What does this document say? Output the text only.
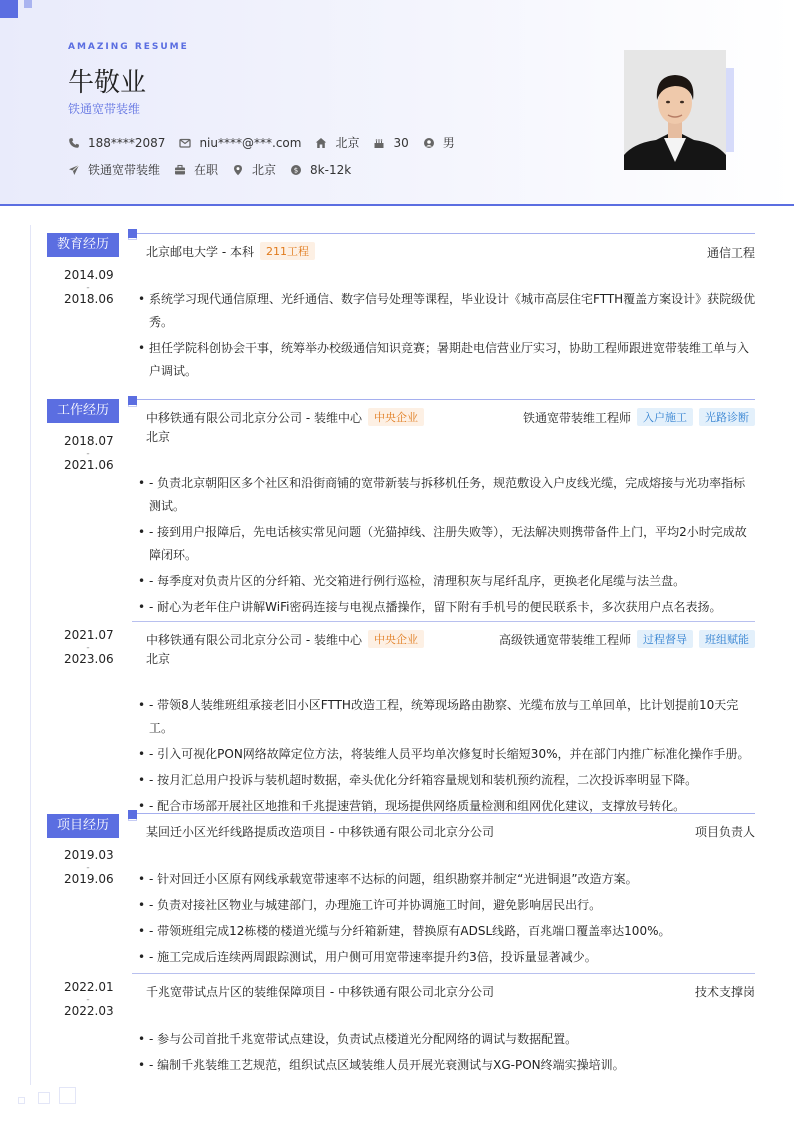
AMAZING RESUME
牛敬业
铁通宽带装维
188****2087	niu****@***.com	北京	30	男
铁通宽带装维	在职	北京	$ 8k-12k
教育经历
2014.09
-
2018.06
北京邮电大学 - 本科	211工程	通信工程
• 系统学习现代通信原理、光纤通信、数字信号处理等课程，毕业设计《城市高层住宅FTTH覆盖方案设计》获院级优秀。
• 担任学院科创协会干事，统筹举办校级通信知识竞赛；暑期赴电信营业厅实习，协助工程师跟进宽带装维工单与入户调试。
工作经历
2018.07
-
2021.06
中移铁通有限公司北京分公司 - 装维中心	中央企业	铁通宽带装维工程师	入户施工	光路诊断
北京
• - 负责北京朝阳区多个社区和沿街商铺的宽带新装与拆移机任务，规范敷设入户皮线光缆，完成熔接与光功率指标测试。
• - 接到用户报障后，先电话核实常见问题（光猫掉线、注册失败等），无法解决则携带备件上门，平均2小时完成故障闭环。
• - 每季度对负责片区的分纤箱、光交箱进行例行巡检，清理积灰与尾纤乱序，更换老化尾缆与法兰盘。
• - 耐心为老年住户讲解WiFi密码连接与电视点播操作，留下附有手机号的便民联系卡，多次获用户点名表扬。
2021.07
-
2023.06
中移铁通有限公司北京分公司 - 装维中心	中央企业	高级铁通宽带装维工程师	过程督导	班组赋能
北京
• - 带领8人装维班组承接老旧小区FTTH改造工程，统筹现场路由勘察、光缆布放与工单回单，比计划提前10天完工。
• - 引入可视化PON网络故障定位方法，将装维人员平均单次修复时长缩短30%，并在部门内推广标准化操作手册。
• - 按月汇总用户投诉与装机超时数据，牵头优化分纤箱容量规划和装机预约流程，二次投诉率明显下降。
• - 配合市场部开展社区地推和千兆提速营销，现场提供网络质量检测和组网优化建议，支撑放号转化。
项目经历
2019.03
-
2019.06
某回迁小区光纤线路提质改造项目 - 中移铁通有限公司北京分公司	项目负责人
• - 针对回迁小区原有网线承载宽带速率不达标的问题，组织勘察并制定“光进铜退”改造方案。
• - 负责对接社区物业与城建部门，办理施工许可并协调施工时间，避免影响居民出行。
• - 带领班组完成12栋楼的楼道光缆与分纤箱新建，替换原有ADSL线路，百兆端口覆盖率达100%。
• - 施工完成后连续两周跟踪测试，用户侧可用宽带速率提升约3倍，投诉量显著减少。
2022.01
-
2022.03
千兆宽带试点片区的装维保障项目 - 中移铁通有限公司北京分公司	技术支撑岗
• - 参与公司首批千兆宽带试点建设，负责试点楼道光分配网络的调试与数据配置。
• - 编制千兆装维工艺规范，组织试点区域装维人员开展光衰测试与XG-PON终端实操培训。
